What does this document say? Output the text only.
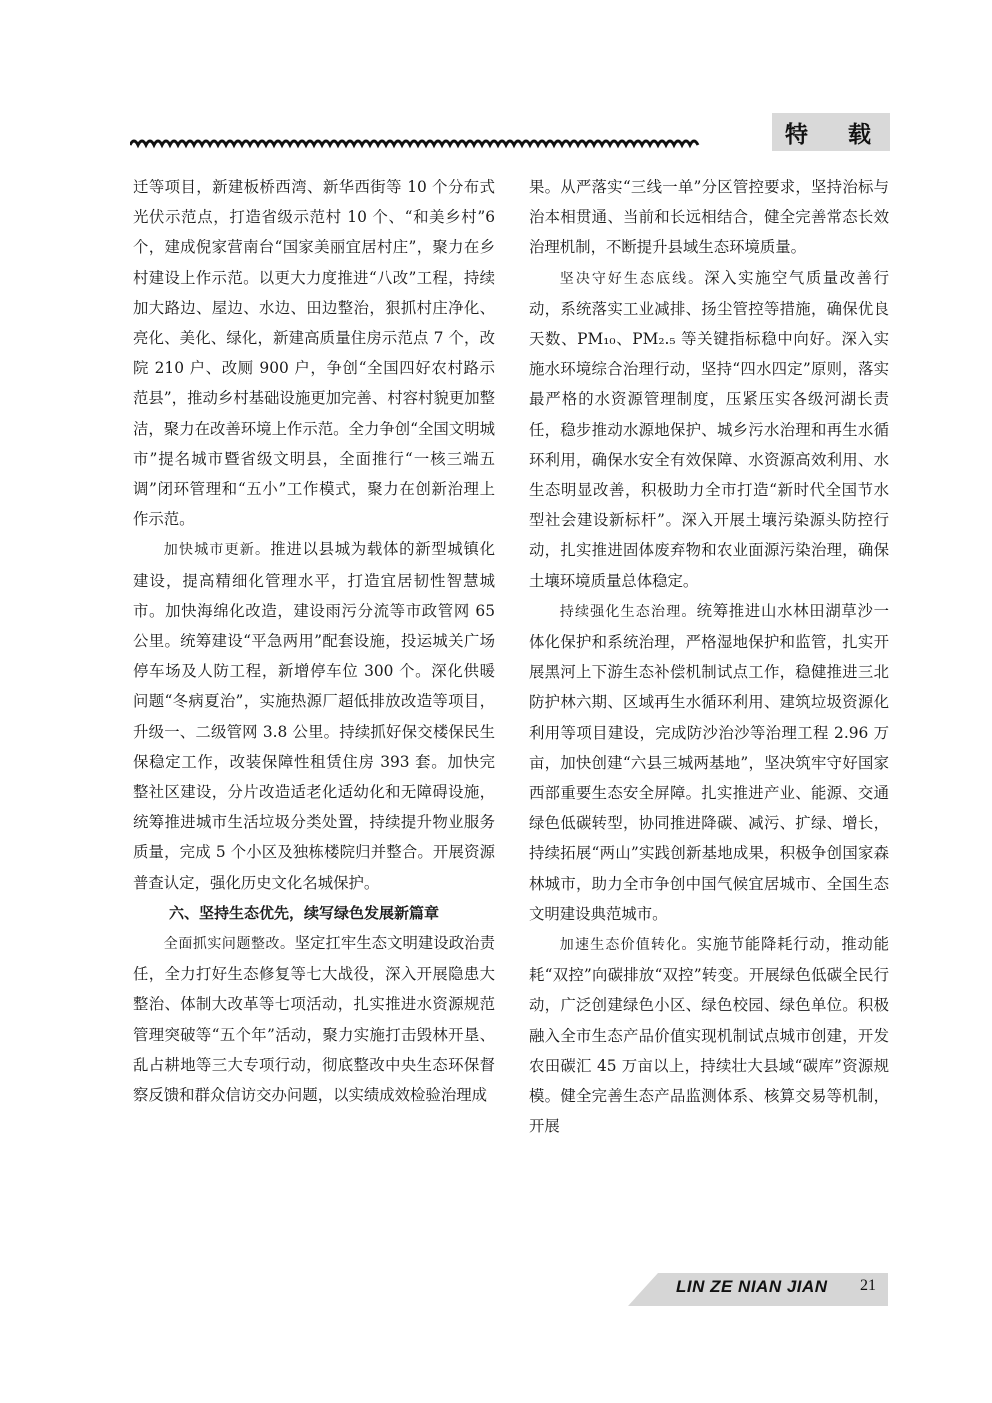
特 载

迁等项目，新建板桥西湾、新华西街等 10 个分布式光伏示范点，打造省级示范村 10 个、“和美乡村”6 个，建成倪家营南台“国家美丽宜居村庄”，聚力在乡村建设上作示范。以更大力度推进“八改”工程，持续加大路边、屋边、水边、田边整治，狠抓村庄净化、亮化、美化、绿化，新建高质量住房示范点 7 个，改院 210 户、改厕 900 户，争创“全国四好农村路示范县”，推动乡村基础设施更加完善、村容村貌更加整洁，聚力在改善环境上作示范。全力争创“全国文明城市”提名城市暨省级文明县，全面推行“一核三端五调”闭环管理和“五小”工作模式，聚力在创新治理上作示范。

加快城市更新。推进以县城为载体的新型城镇化建设，提高精细化管理水平，打造宜居韧性智慧城市。加快海绵化改造，建设雨污分流等市政管网 65 公里。统筹建设“平急两用”配套设施，投运城关广场停车场及人防工程，新增停车位 300 个。深化供暖问题“冬病夏治”，实施热源厂超低排放改造等项目，升级一、二级管网 3.8 公里。持续抓好保交楼保民生保稳定工作，改装保障性租赁住房 393 套。加快完整社区建设，分片改造适老化适幼化和无障碍设施，统筹推进城市生活垃圾分类处置，持续提升物业服务质量，完成 5 个小区及独栋楼院归并整合。开展资源普查认定，强化历史文化名城保护。

六、坚持生态优先，续写绿色发展新篇章

全面抓实问题整改。坚定扛牢生态文明建设政治责任，全力打好生态修复等七大战役，深入开展隐患大整治、体制大改革等七项活动，扎实推进水资源规范管理突破等“五个年”活动，聚力实施打击毁林开垦、乱占耕地等三大专项行动，彻底整改中央生态环保督察反馈和群众信访交办问题，以实绩成效检验治理成

果。从严落实“三线一单”分区管控要求，坚持治标与治本相贯通、当前和长远相结合，健全完善常态长效治理机制，不断提升县域生态环境质量。

坚决守好生态底线。深入实施空气质量改善行动，系统落实工业减排、扬尘管控等措施，确保优良天数、PM₁₀、PM₂.₅ 等关键指标稳中向好。深入实施水环境综合治理行动，坚持“四水四定”原则，落实最严格的水资源管理制度，压紧压实各级河湖长责任，稳步推动水源地保护、城乡污水治理和再生水循环利用，确保水安全有效保障、水资源高效利用、水生态明显改善，积极助力全市打造“新时代全国节水型社会建设新标杆”。深入开展土壤污染源头防控行动，扎实推进固体废弃物和农业面源污染治理，确保土壤环境质量总体稳定。

持续强化生态治理。统筹推进山水林田湖草沙一体化保护和系统治理，严格湿地保护和监管，扎实开展黑河上下游生态补偿机制试点工作，稳健推进三北防护林六期、区域再生水循环利用、建筑垃圾资源化利用等项目建设，完成防沙治沙等治理工程 2.96 万亩，加快创建“六县三城两基地”，坚决筑牢守好国家西部重要生态安全屏障。扎实推进产业、能源、交通绿色低碳转型，协同推进降碳、减污、扩绿、增长，持续拓展“两山”实践创新基地成果，积极争创国家森林城市，助力全市争创中国气候宜居城市、全国生态文明建设典范城市。

加速生态价值转化。实施节能降耗行动，推动能耗“双控”向碳排放“双控”转变。开展绿色低碳全民行动，广泛创建绿色小区、绿色校园、绿色单位。积极融入全市生态产品价值实现机制试点城市创建，开发农田碳汇 45 万亩以上，持续壮大县域“碳库”资源规模。健全完善生态产品监测体系、核算交易等机制，开展

LIN ZE NIAN JIAN 21
